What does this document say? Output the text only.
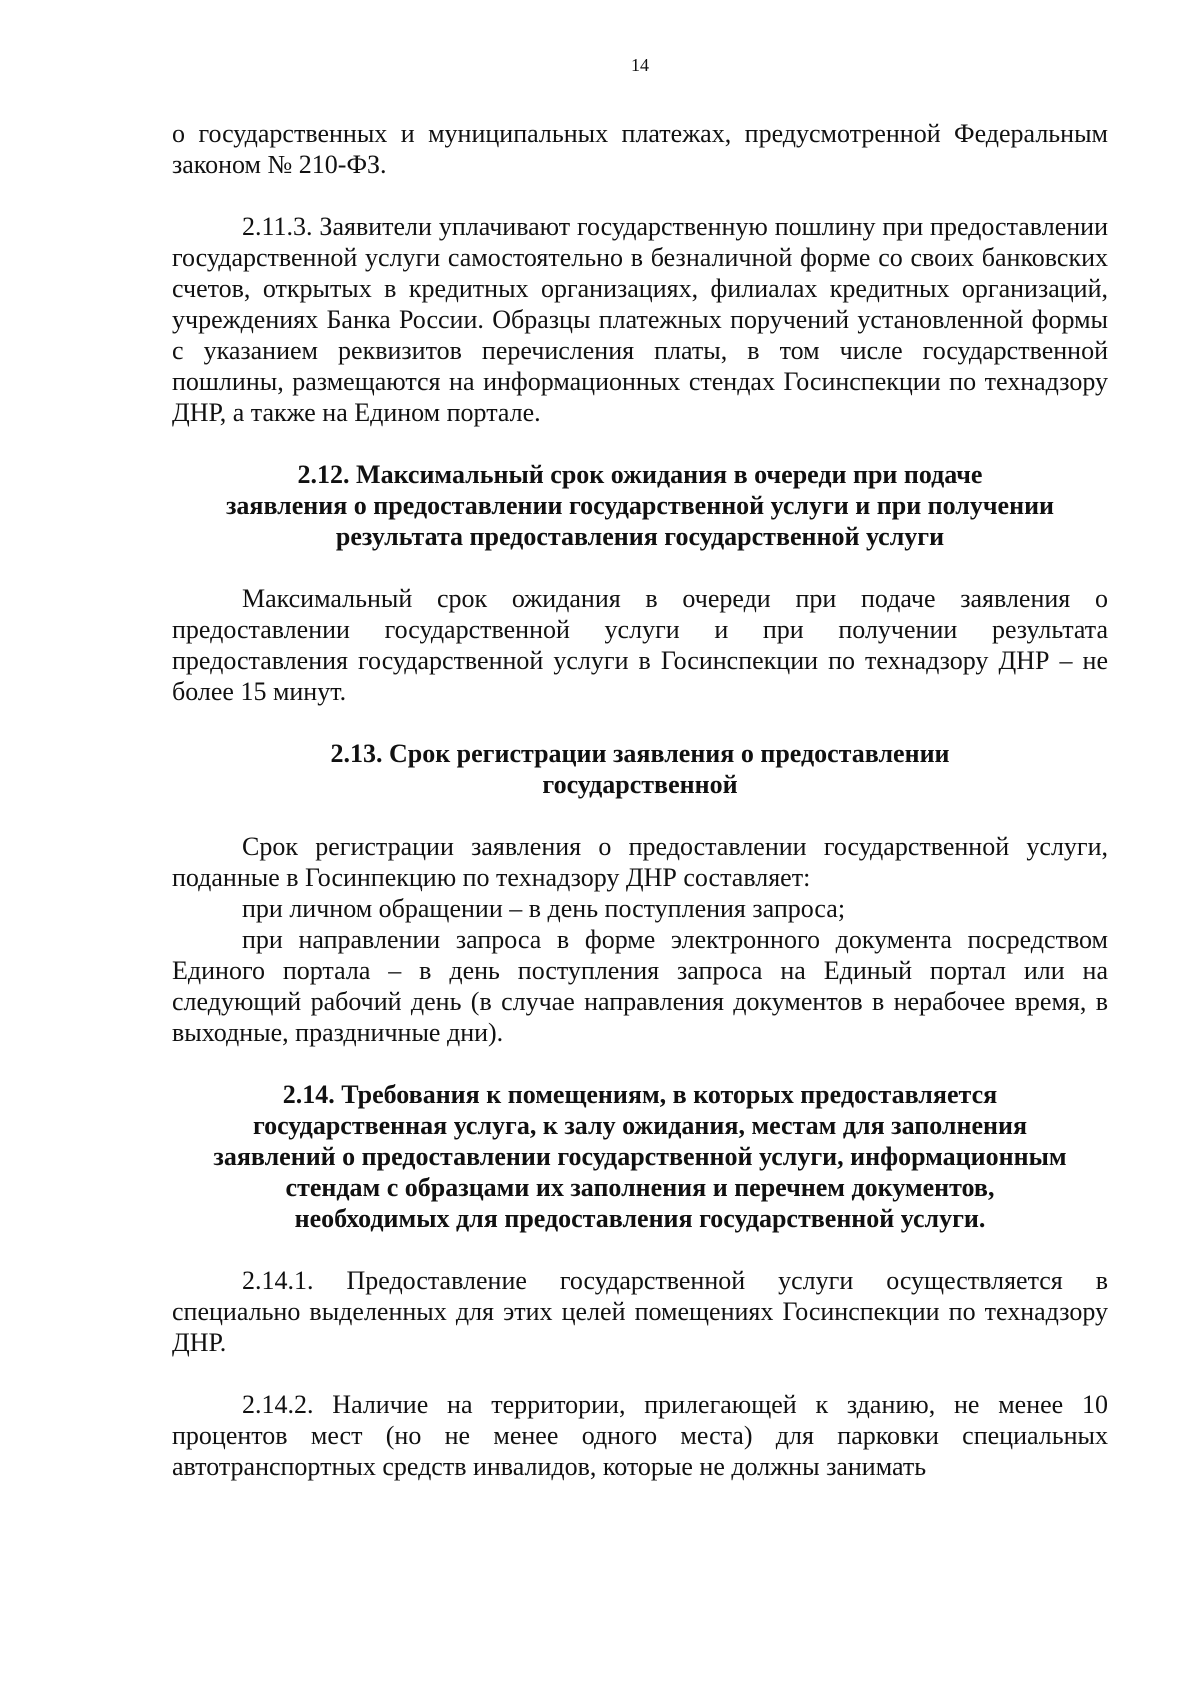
14

о государственных и муниципальных платежах, предусмотренной Федеральным законом № 210-ФЗ.

2.11.3. Заявители уплачивают государственную пошлину при предоставлении государственной услуги самостоятельно в безналичной форме со своих банковских счетов, открытых в кредитных организациях, филиалах кредитных организаций, учреждениях Банка России. Образцы платежных поручений установленной формы с указанием реквизитов перечисления платы, в том числе государственной пошлины, размещаются на информационных стендах Госинспекции по технадзору ДНР, а также на Едином портале.

2.12. Максимальный срок ожидания в очереди при подаче
заявления о предоставлении государственной услуги и при получении
результата предоставления государственной услуги

Максимальный срок ожидания в очереди при подаче заявления о предоставлении государственной услуги и при получении результата предоставления государственной услуги в Госинспекции по технадзору ДНР – не более 15 минут.

2.13. Срок регистрации заявления о предоставлении
государственной

Срок регистрации заявления о предоставлении государственной услуги, поданные в Госинпекцию по технадзору ДНР составляет:

при личном обращении – в день поступления запроса;

при направлении запроса в форме электронного документа посредством Единого портала – в день поступления запроса на Единый портал или на следующий рабочий день (в случае направления документов в нерабочее время, в выходные, праздничные дни).

2.14. Требования к помещениям, в которых предоставляется
государственная услуга, к залу ожидания, местам для заполнения
заявлений о предоставлении государственной услуги, информационным
стендам с образцами их заполнения и перечнем документов,
необходимых для предоставления государственной услуги.

2.14.1. Предоставление государственной услуги осуществляется в специально выделенных для этих целей помещениях Госинспекции по технадзору ДНР.

2.14.2. Наличие на территории, прилегающей к зданию, не менее 10 процентов мест (но не менее одного места) для парковки специальных автотранспортных средств инвалидов, которые не должны занимать
